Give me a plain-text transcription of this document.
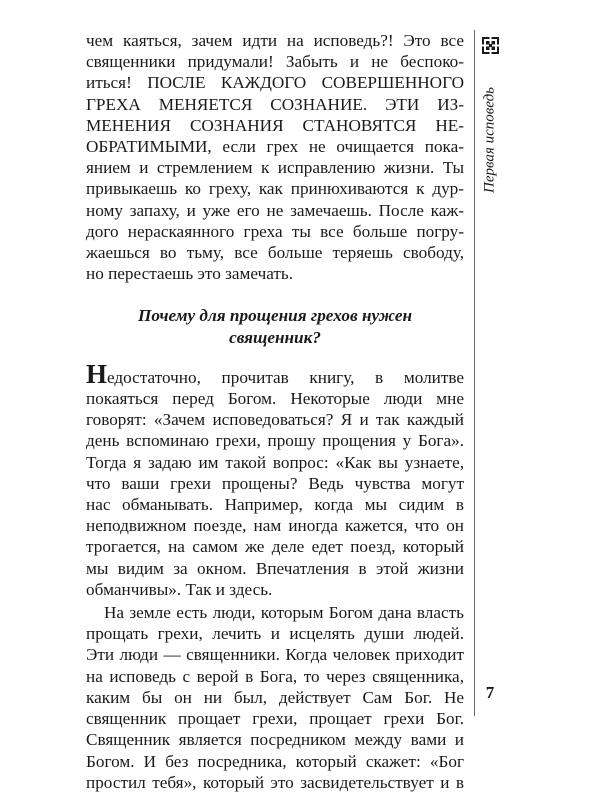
чем каяться, зачем идти на исповедь?! Это все
священники придумали! Забыть и не беспоко-
иться! ПОСЛЕ КАЖДОГО СОВЕРШЕННОГО
ГРЕХА МЕНЯЕТСЯ СОЗНАНИЕ. ЭТИ ИЗ-
МЕНЕНИЯ СОЗНАНИЯ СТАНОВЯТСЯ НЕ-
ОБРАТИМЫМИ, если грех не очищается пока-
янием и стремлением к исправлению жизни. Ты
привыкаешь ко греху, как принюхиваются к дур-
ному запаху, и уже его не замечаешь. После каж-
дого нераскаянного греха ты все больше погру-
жаешься во тьму, все больше теряешь свободу,
но перестаешь это замечать.
Почему для прощения грехов нужен
священник?
Недостаточно, прочитав книгу, в молитве
покаяться перед Богом. Некоторые люди мне
говорят: «Зачем исповедоваться? Я и так каждый
день вспоминаю грехи, прошу прощения у Бога».
Тогда я задаю им такой вопрос: «Как вы узнаете,
что ваши грехи прощены? Ведь чувства могут
нас обманывать. Например, когда мы сидим в
неподвижном поезде, нам иногда кажется, что он
трогается, на самом же деле едет поезд, который
мы видим за окном. Впечатления в этой жизни
обманчивы». Так и здесь.
На земле есть люди, которым Богом дана власть
прощать грехи, лечить и исцелять души людей.
Эти люди — священники. Когда человек приходит
на исповедь с верой в Бога, то через священника,
каким бы он ни был, действует Сам Бог. Не
священник прощает грехи, прощает грехи Бог.
Священник является посредником между вами и
Богом. И без посредника, который скажет: «Бог
простил тебя», который это засвидетельствует и в
Первая исповедь
7
